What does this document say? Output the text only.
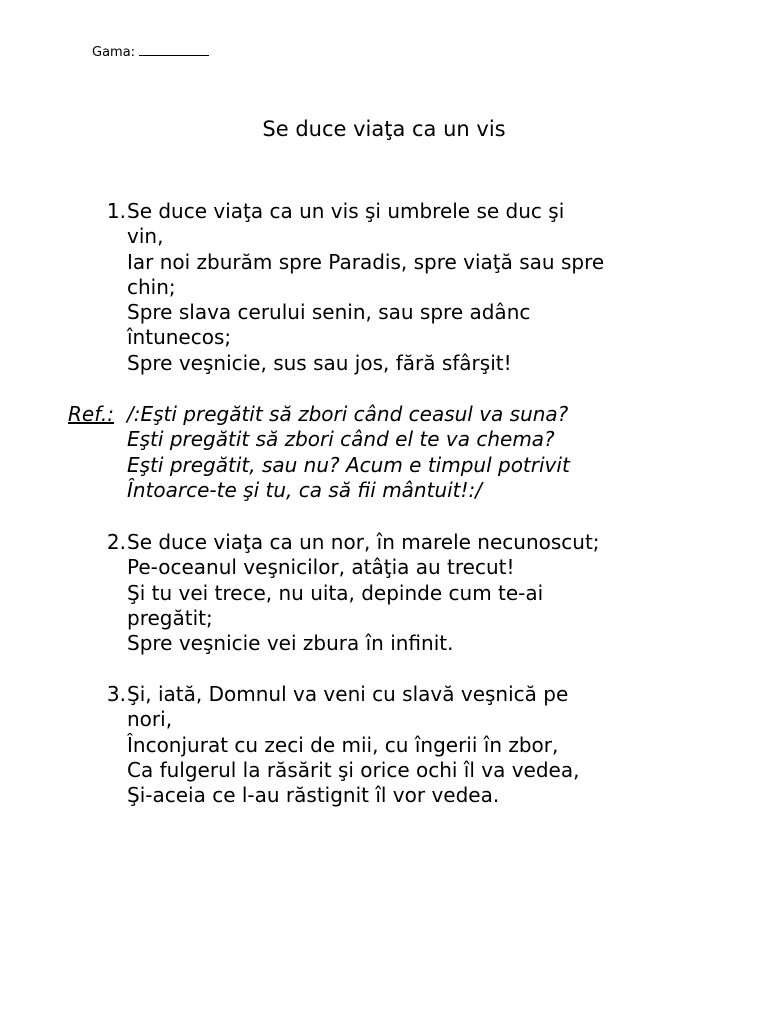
Gama:
Se duce viaţa ca un vis
1. Se duce viaţa ca un vis şi umbrele se duc şi
vin,
Iar noi zburăm spre Paradis, spre viaţă sau spre
chin;
Spre slava cerului senin, sau spre adânc
întunecos;
Spre veşnicie, sus sau jos, fără sfârşit!
Ref.: /:Eşti pregătit să zbori când ceasul va suna?
Eşti pregătit să zbori când el te va chema?
Eşti pregătit, sau nu? Acum e timpul potrivit
Întoarce-te şi tu, ca să fii mântuit!:/
2. Se duce viaţa ca un nor, în marele necunoscut;
Pe-oceanul veşnicilor, atâţia au trecut!
Şi tu vei trece, nu uita, depinde cum te-ai
pregătit;
Spre veşnicie vei zbura în infinit.
3. Şi, iată, Domnul va veni cu slavă veşnică pe
nori,
Înconjurat cu zeci de mii, cu îngerii în zbor,
Ca fulgerul la răsărit şi orice ochi îl va vedea,
Şi-aceia ce l-au răstignit îl vor vedea.
